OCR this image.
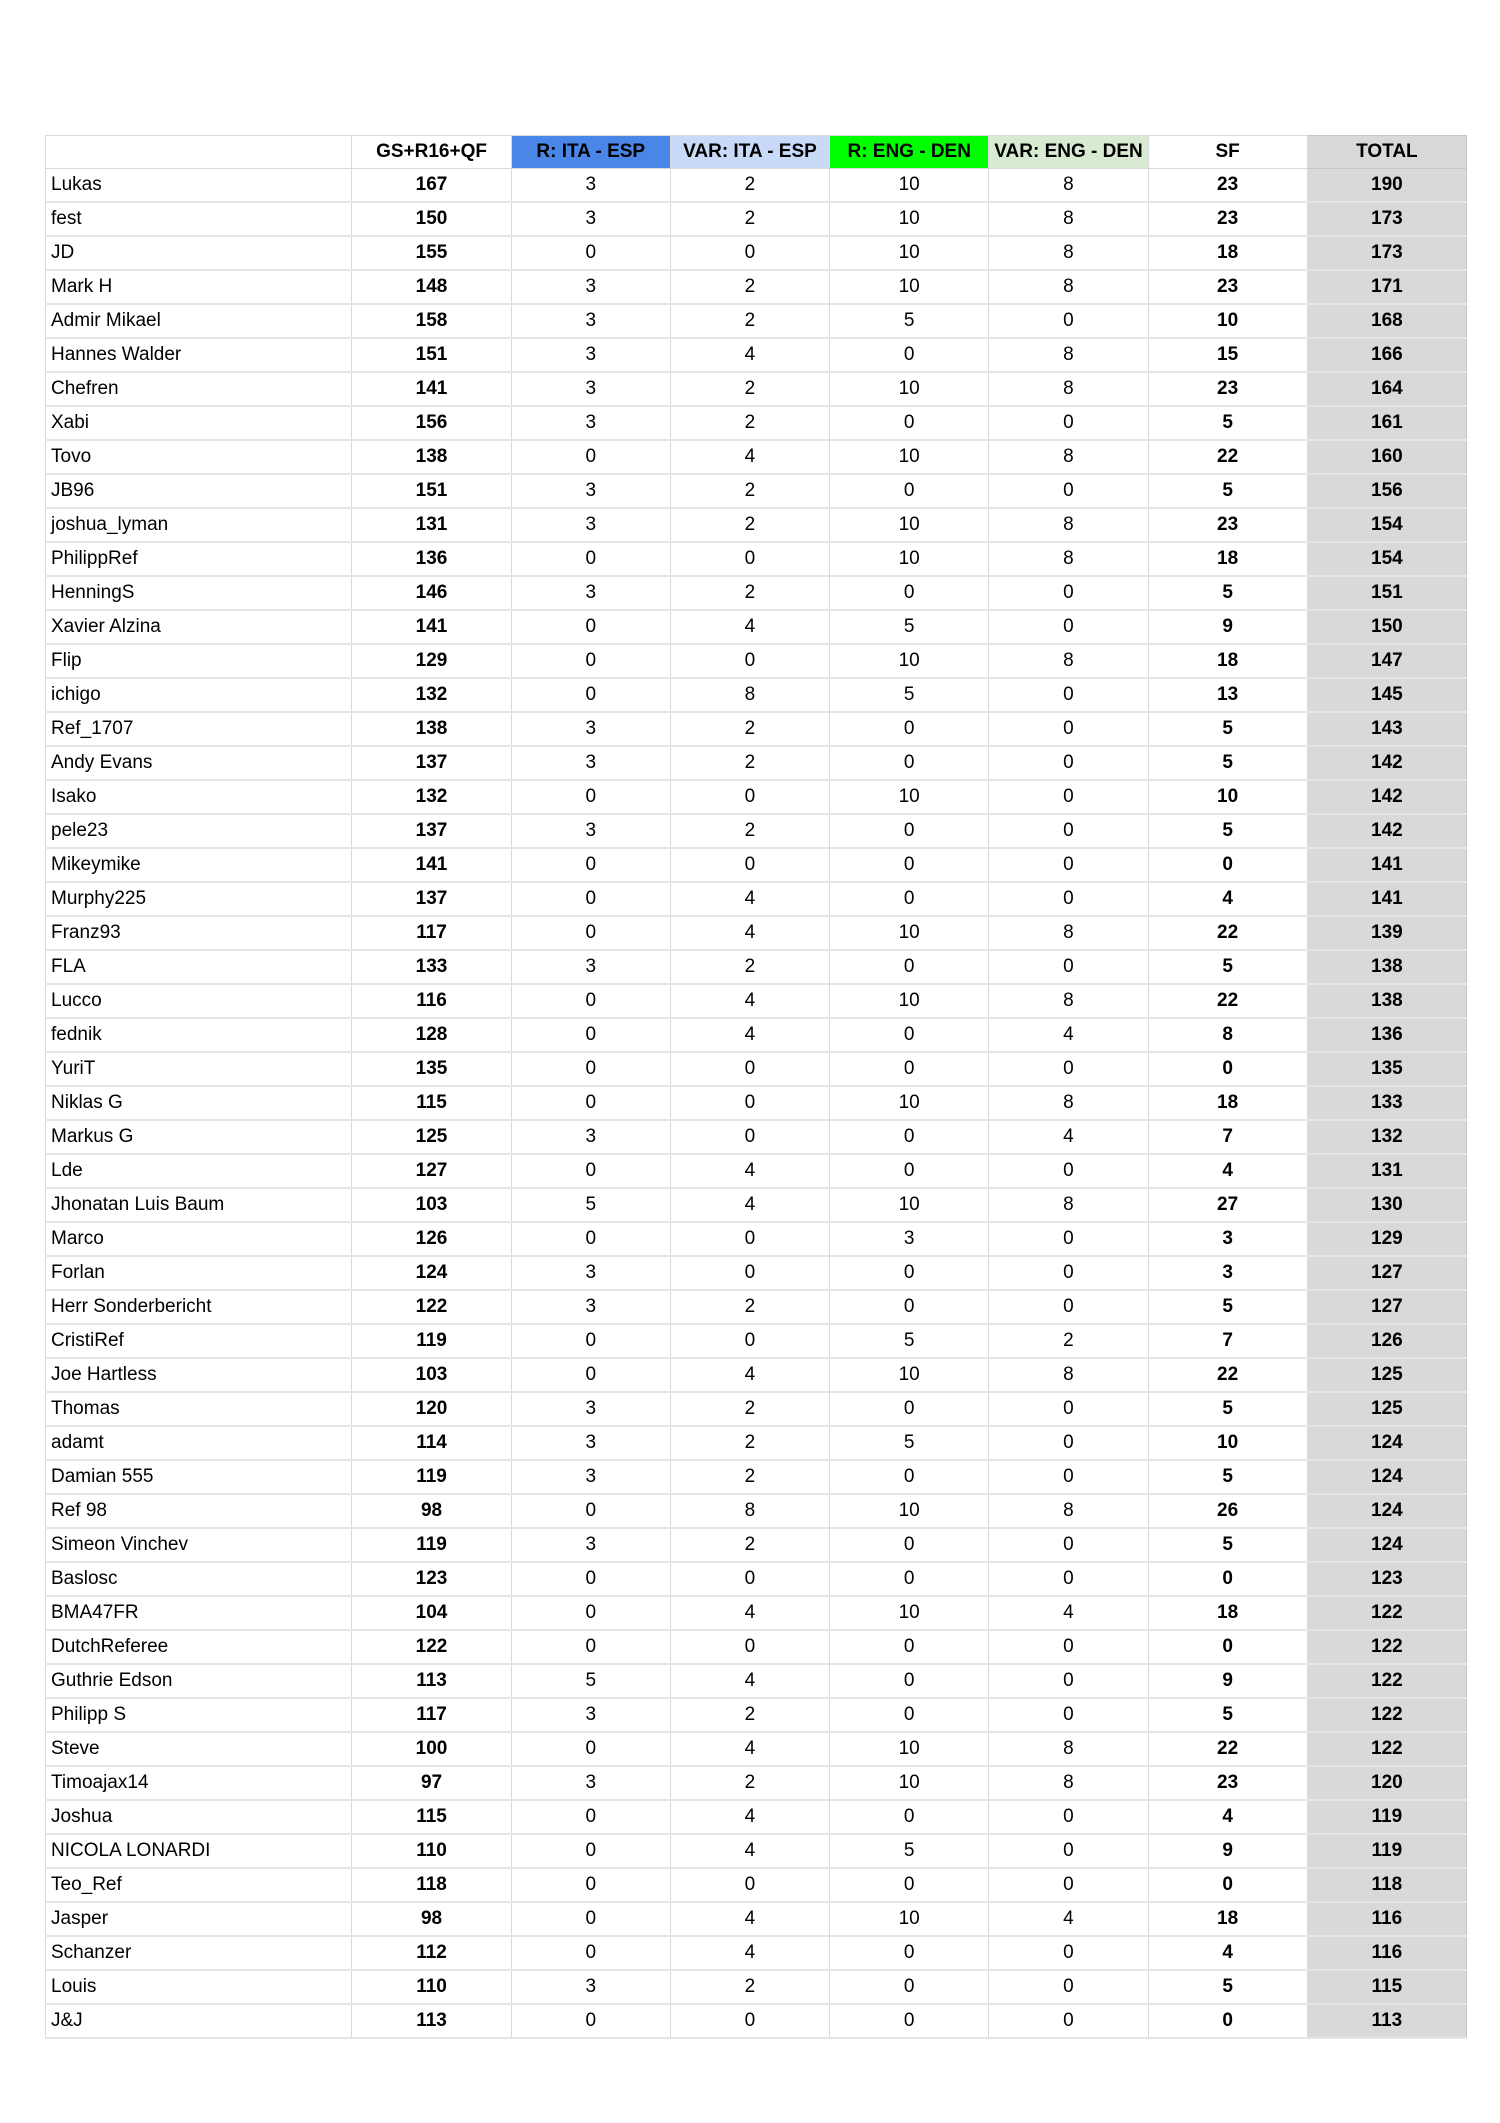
	GS+R16+QF	R: ITA - ESP	VAR: ITA - ESP	R: ENG - DEN	VAR: ENG - DEN	SF	TOTAL
Lukas	167	3	2	10	8	23	190
fest	150	3	2	10	8	23	173
JD	155	0	0	10	8	18	173
Mark H	148	3	2	10	8	23	171
Admir Mikael	158	3	2	5	0	10	168
Hannes Walder	151	3	4	0	8	15	166
Chefren	141	3	2	10	8	23	164
Xabi	156	3	2	0	0	5	161
Tovo	138	0	4	10	8	22	160
JB96	151	3	2	0	0	5	156
joshua_lyman	131	3	2	10	8	23	154
PhilippRef	136	0	0	10	8	18	154
HenningS	146	3	2	0	0	5	151
Xavier Alzina	141	0	4	5	0	9	150
Flip	129	0	0	10	8	18	147
ichigo	132	0	8	5	0	13	145
Ref_1707	138	3	2	0	0	5	143
Andy Evans	137	3	2	0	0	5	142
Isako	132	0	0	10	0	10	142
pele23	137	3	2	0	0	5	142
Mikeymike	141	0	0	0	0	0	141
Murphy225	137	0	4	0	0	4	141
Franz93	117	0	4	10	8	22	139
FLA	133	3	2	0	0	5	138
Lucco	116	0	4	10	8	22	138
fednik	128	0	4	0	4	8	136
YuriT	135	0	0	0	0	0	135
Niklas G	115	0	0	10	8	18	133
Markus G	125	3	0	0	4	7	132
Lde	127	0	4	0	0	4	131
Jhonatan Luis Baum	103	5	4	10	8	27	130
Marco	126	0	0	3	0	3	129
Forlan	124	3	0	0	0	3	127
Herr Sonderbericht	122	3	2	0	0	5	127
CristiRef	119	0	0	5	2	7	126
Joe Hartless	103	0	4	10	8	22	125
Thomas	120	3	2	0	0	5	125
adamt	114	3	2	5	0	10	124
Damian 555	119	3	2	0	0	5	124
Ref 98	98	0	8	10	8	26	124
Simeon Vinchev	119	3	2	0	0	5	124
Baslosc	123	0	0	0	0	0	123
BMA47FR	104	0	4	10	4	18	122
DutchReferee	122	0	0	0	0	0	122
Guthrie Edson	113	5	4	0	0	9	122
Philipp S	117	3	2	0	0	5	122
Steve	100	0	4	10	8	22	122
Timoajax14	97	3	2	10	8	23	120
Joshua	115	0	4	0	0	4	119
NICOLA LONARDI	110	0	4	5	0	9	119
Teo_Ref	118	0	0	0	0	0	118
Jasper	98	0	4	10	4	18	116
Schanzer	112	0	4	0	0	4	116
Louis	110	3	2	0	0	5	115
J&J	113	0	0	0	0	0	113
